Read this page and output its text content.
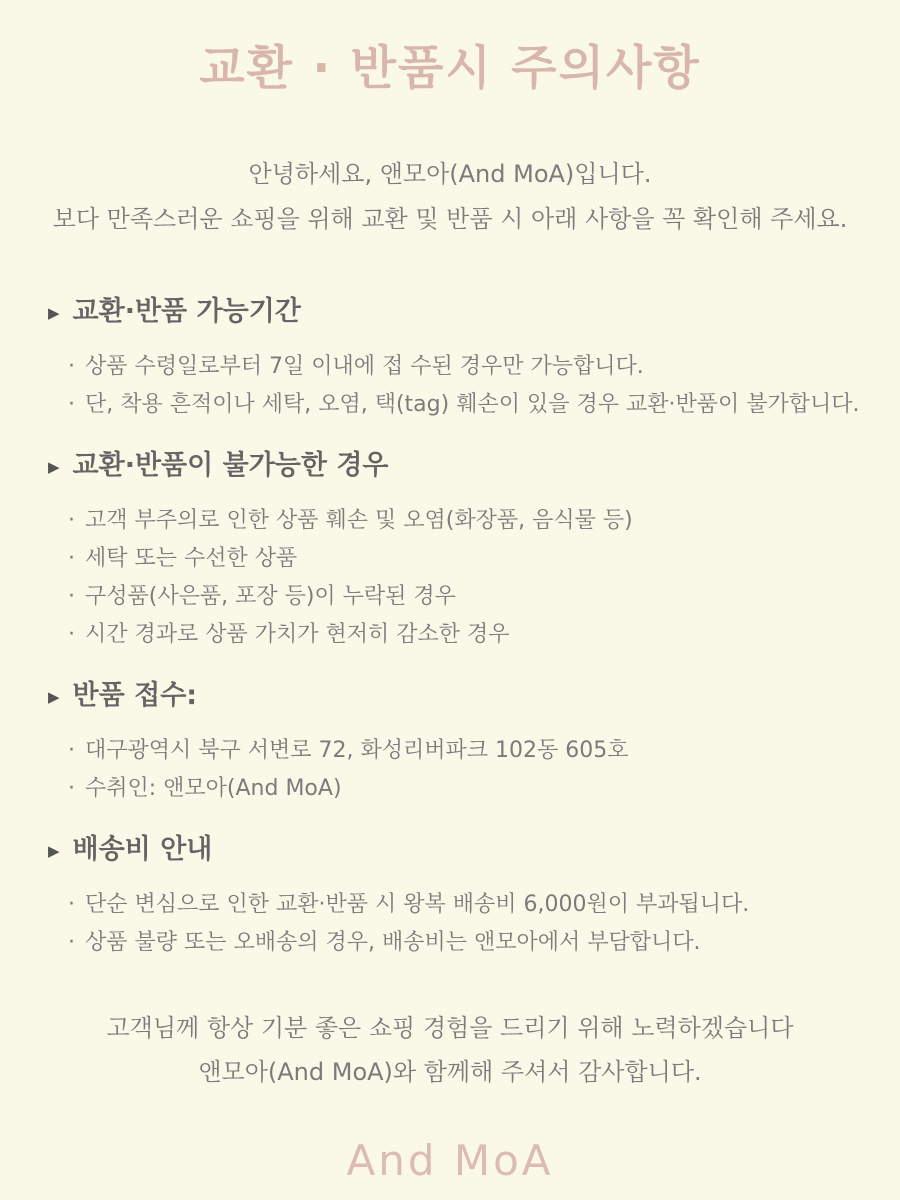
교환 · 반품시 주의사항

안녕하세요, 앤모아(And MoA)입니다.

보다 만족스러운 쇼핑을 위해 교환 및 반품 시 아래 사항을 꼭 확인해 주세요.

▶ 교환·반품 가능기간
· 상품 수령일로부터 7일 이내에 접 수된 경우만 가능합니다.
· 단, 착용 흔적이나 세탁, 오염, 택(tag) 훼손이 있을 경우 교환·반품이 불가합니다.
▶ 교환·반품이 불가능한 경우
· 고객 부주의로 인한 상품 훼손 및 오염(화장품, 음식물 등)
· 세탁 또는 수선한 상품
· 구성품(사은품, 포장 등)이 누락된 경우
· 시간 경과로 상품 가치가 현저히 감소한 경우
▶ 반품 접수:
· 대구광역시 북구 서변로 72, 화성리버파크 102동 605호
· 수취인: 앤모아(And MoA)
▶ 배송비 안내
· 단순 변심으로 인한 교환·반품 시 왕복 배송비 6,000원이 부과됩니다.
· 상품 불량 또는 오배송의 경우, 배송비는 앤모아에서 부담합니다.

고객님께 항상 기분 좋은 쇼핑 경험을 드리기 위해 노력하겠습니다

앤모아(And MoA)와 함께해 주셔서 감사합니다.

And MoA
